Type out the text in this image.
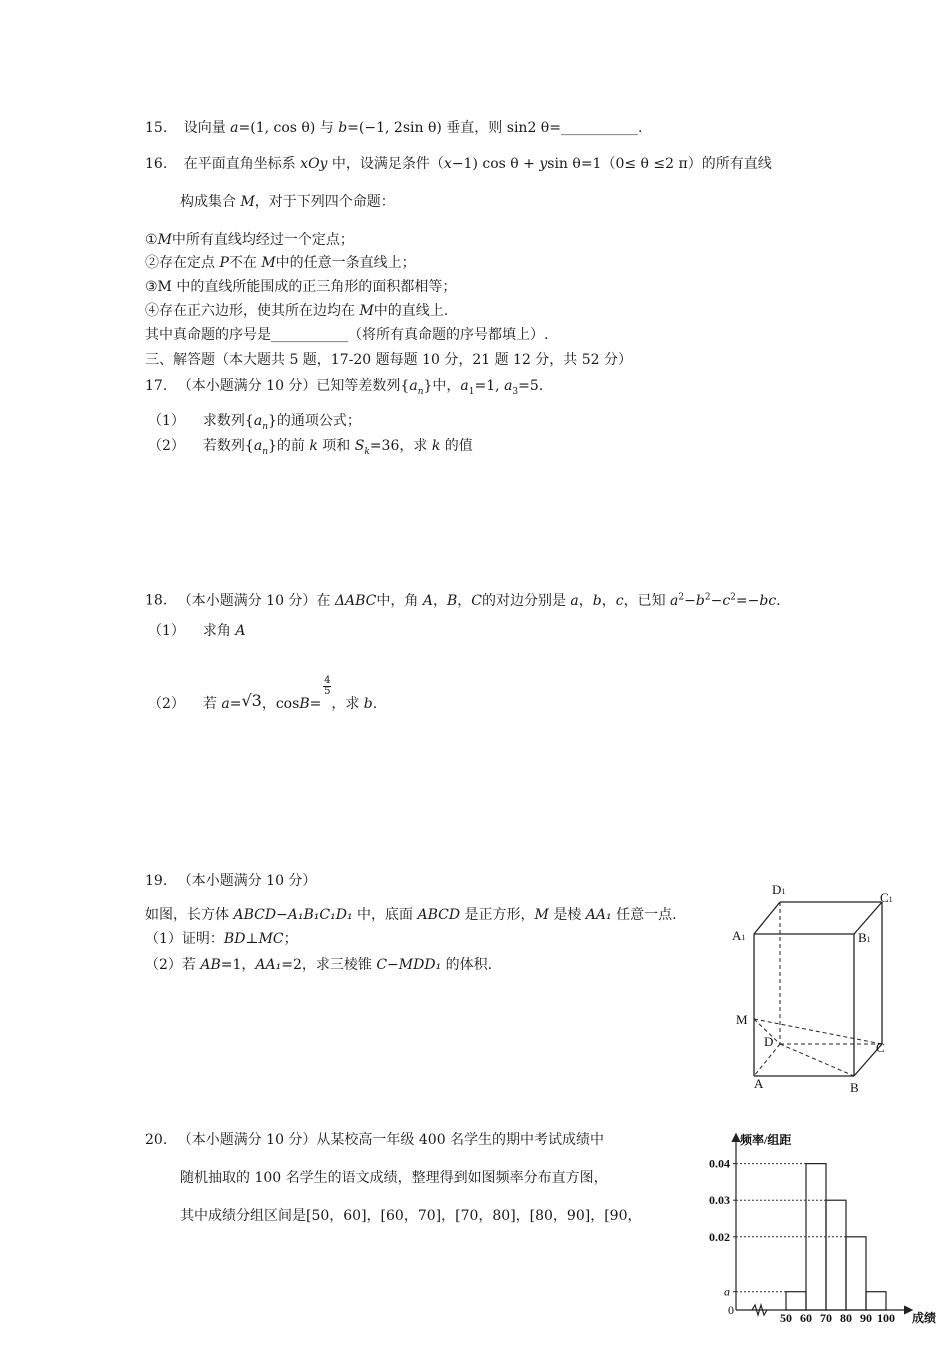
15. 设向量 a=(1, cos θ) 与 b=(−1, 2sin θ) 垂直，则 sin2 θ=___________.
16. 在平面直角坐标系 xOy 中，设满足条件（x−1) cos θ + ysin θ=1（0≤ θ ≤2 π）的所有直线
构成集合 M，对于下列四个命题：
①M中所有直线均经过一个定点；
②存在定点 P不在 M中的任意一条直线上；
③M 中的直线所能围成的正三角形的面积都相等；
④存在正六边形，使其所在边均在 M中的直线上.
其中真命题的序号是___________（将所有真命题的序号都填上）.
三、解答题（本大题共 5 题，17-20 题每题 10 分，21 题 12 分，共 52 分）
17. （本小题满分 10 分）已知等差数列$\{a_n\}$中，$a_1=1$, $a_3=5$.
（1） 求数列$\{a_n\}$的通项公式；
（2） 若数列$\{a_n\}$的前 k 项和 $S_k=36$，求 k 的值
18. （本小题满分 10 分）在 ΔABC中，角 A，B，C的对边分别是 a，b，c，已知 $a^2-b^2-c^2=-bc$.
（1） 求角 A
（2） 若 a=√3，cosB=
$\frac{4}{5}$
，求 b.
19. （本小题满分 10 分）
如图，长方体 ABCD−A₁B₁C₁D₁ 中，底面 ABCD 是正方形，M 是棱 AA₁ 任意一点.
（1）证明：BD⊥MC；
（2）若 AB=1，AA₁=2，求三棱锥 C−MDD₁ 的体积.
D1	C1
A1	B1
M
D	C
A	B
20. （本小题满分 10 分）从某校高一年级 400 名学生的期中考试成绩中
随机抽取的 100 名学生的语文成绩，整理得到如图频率分布直方图，
其中成绩分组区间是[50，60]，[60，70]，[70，80]，[80，90]，[90，
频率/组距
成绩
0
a
0.02
0.03
0.04
50 60 70 80 90 100
